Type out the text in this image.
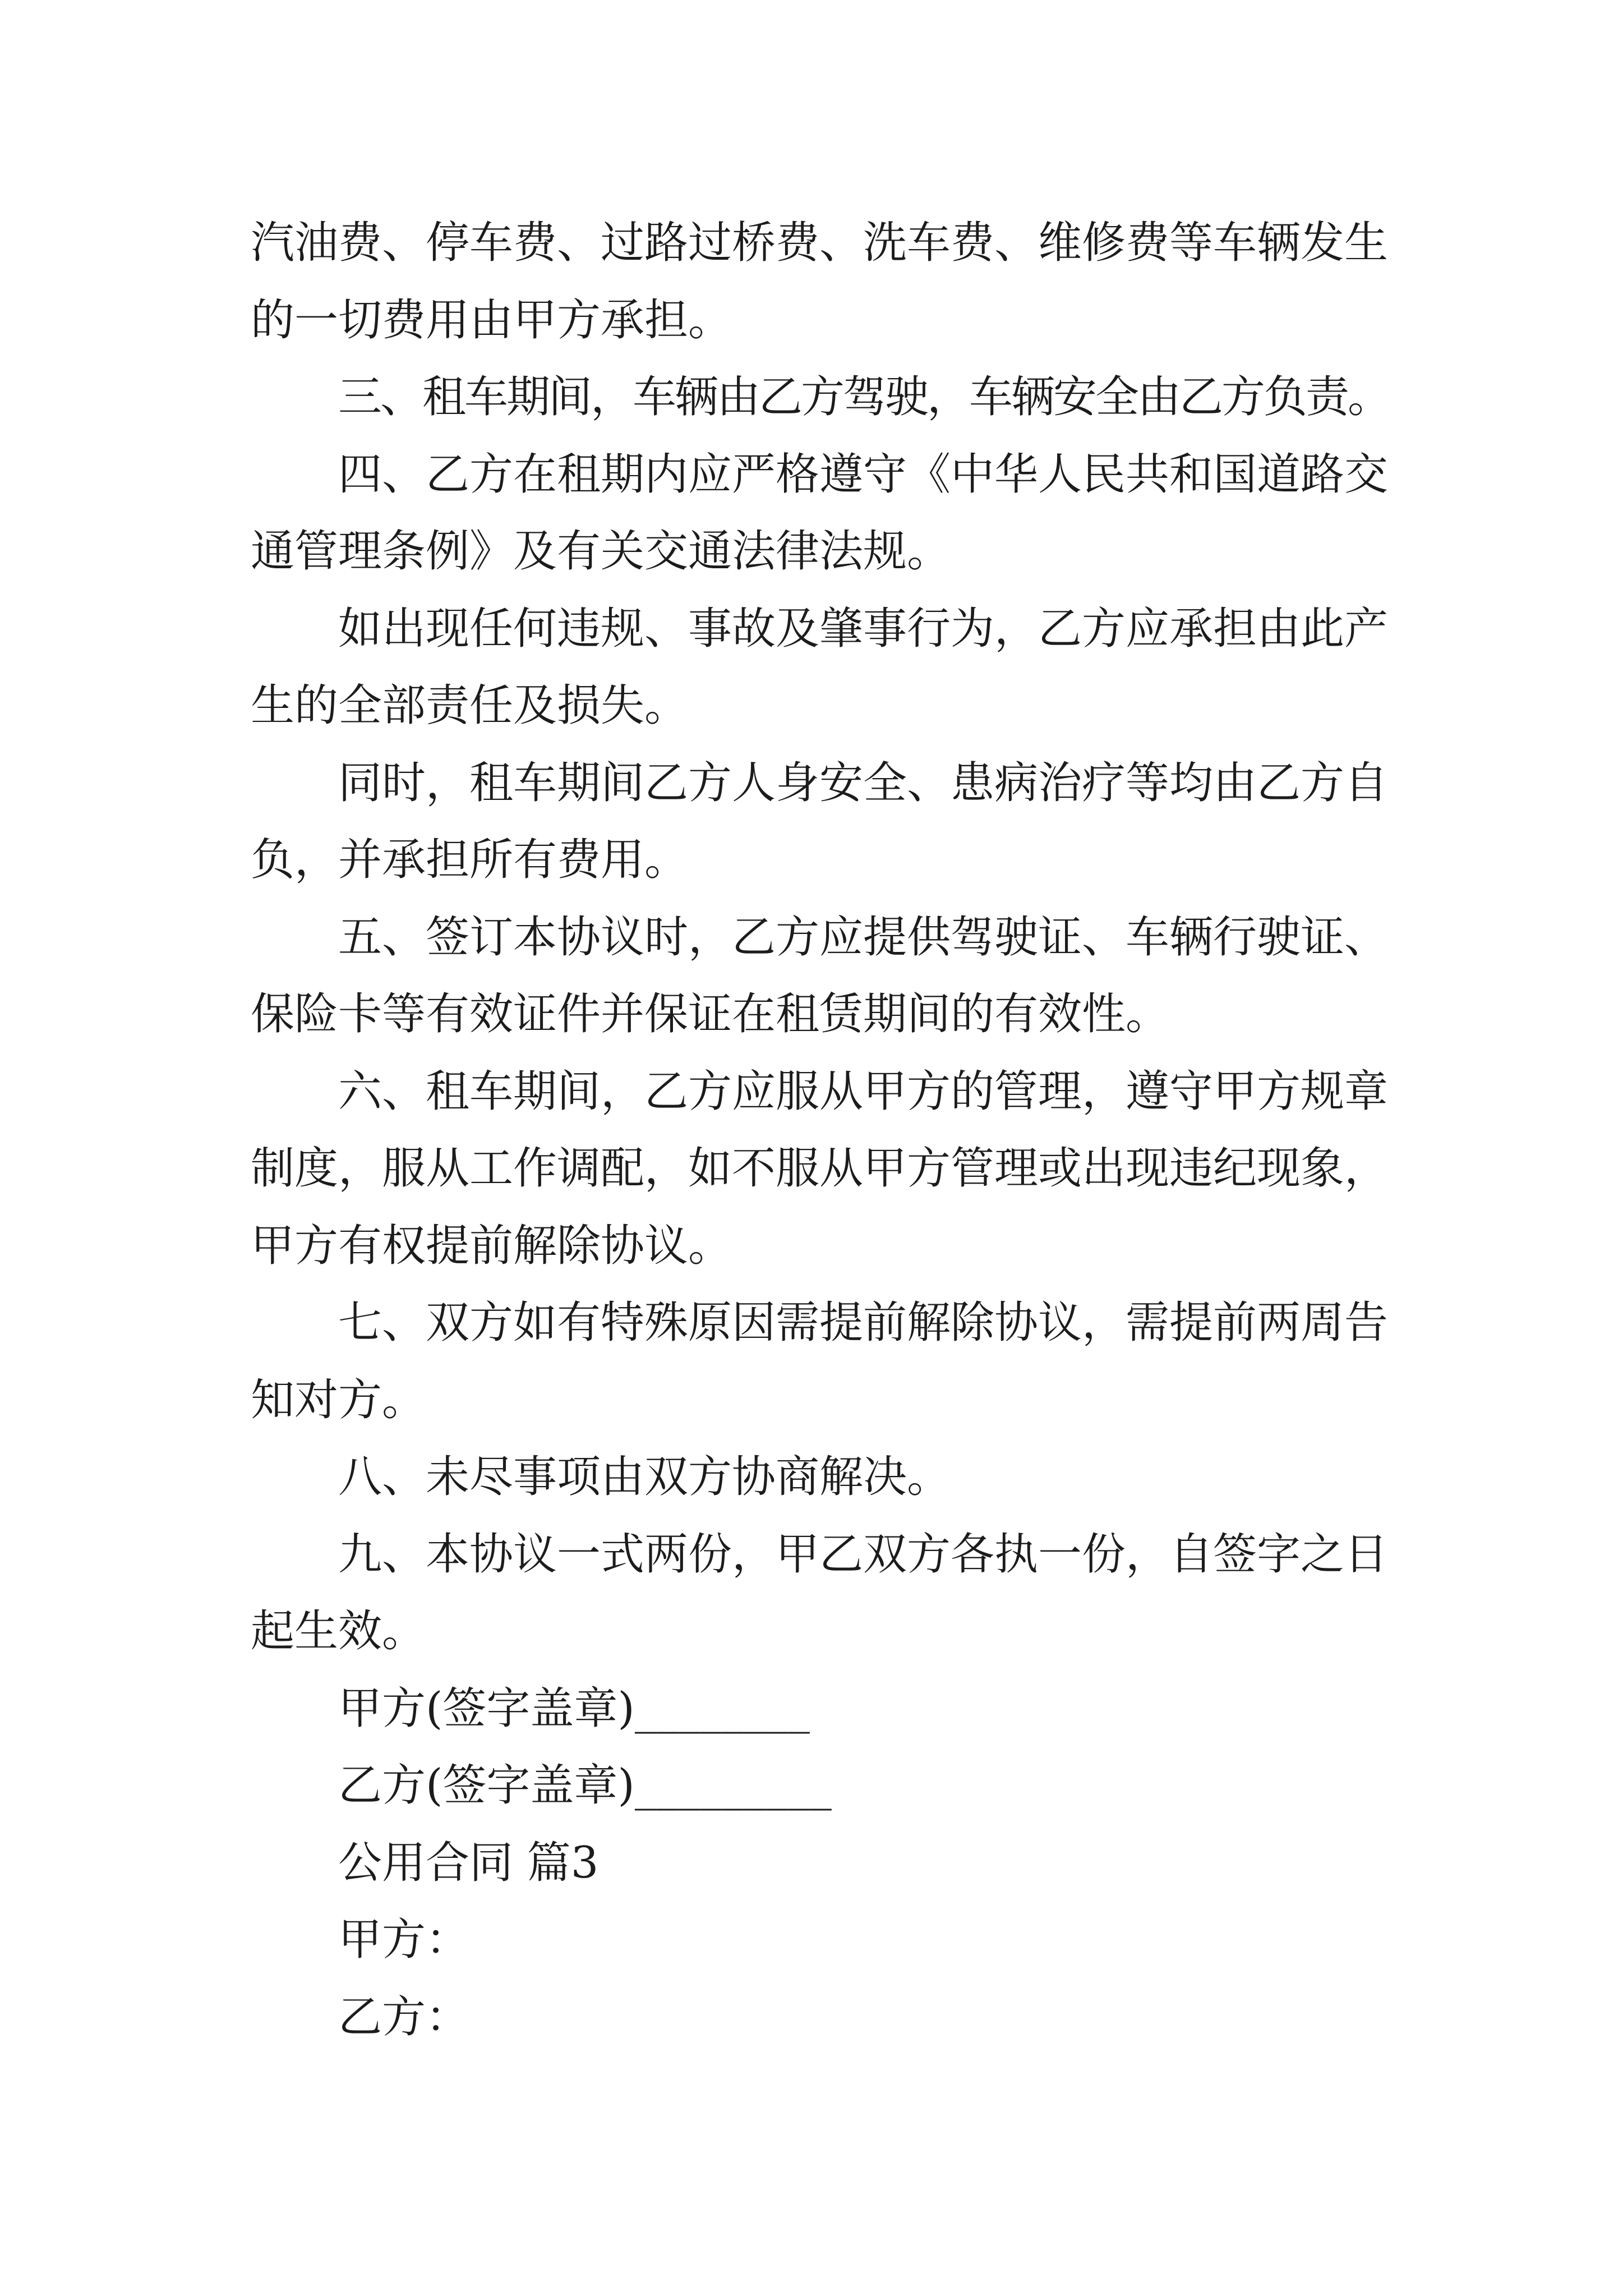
汽油费、停车费、过路过桥费、洗车费、维修费等车辆发生
的一切费用由甲方承担。
三、租车期间，车辆由乙方驾驶，车辆安全由乙方负责。
四、乙方在租期内应严格遵守《中华人民共和国道路交
通管理条例》及有关交通法律法规。
如出现任何违规、事故及肇事行为，乙方应承担由此产
生的全部责任及损失。
同时，租车期间乙方人身安全、患病治疗等均由乙方自
负，并承担所有费用。
五、签订本协议时，乙方应提供驾驶证、车辆行驶证、
保险卡等有效证件并保证在租赁期间的有效性。
六、租车期间，乙方应服从甲方的管理，遵守甲方规章
制度，服从工作调配，如不服从甲方管理或出现违纪现象，
甲方有权提前解除协议。
七、双方如有特殊原因需提前解除协议，需提前两周告
知对方。
八、未尽事项由双方协商解决。
九、本协议一式两份，甲乙双方各执一份，自签字之日
起生效。
甲方(签字盖章)________
乙方(签字盖章)_________
公用合同 篇3
甲方：
乙方：
